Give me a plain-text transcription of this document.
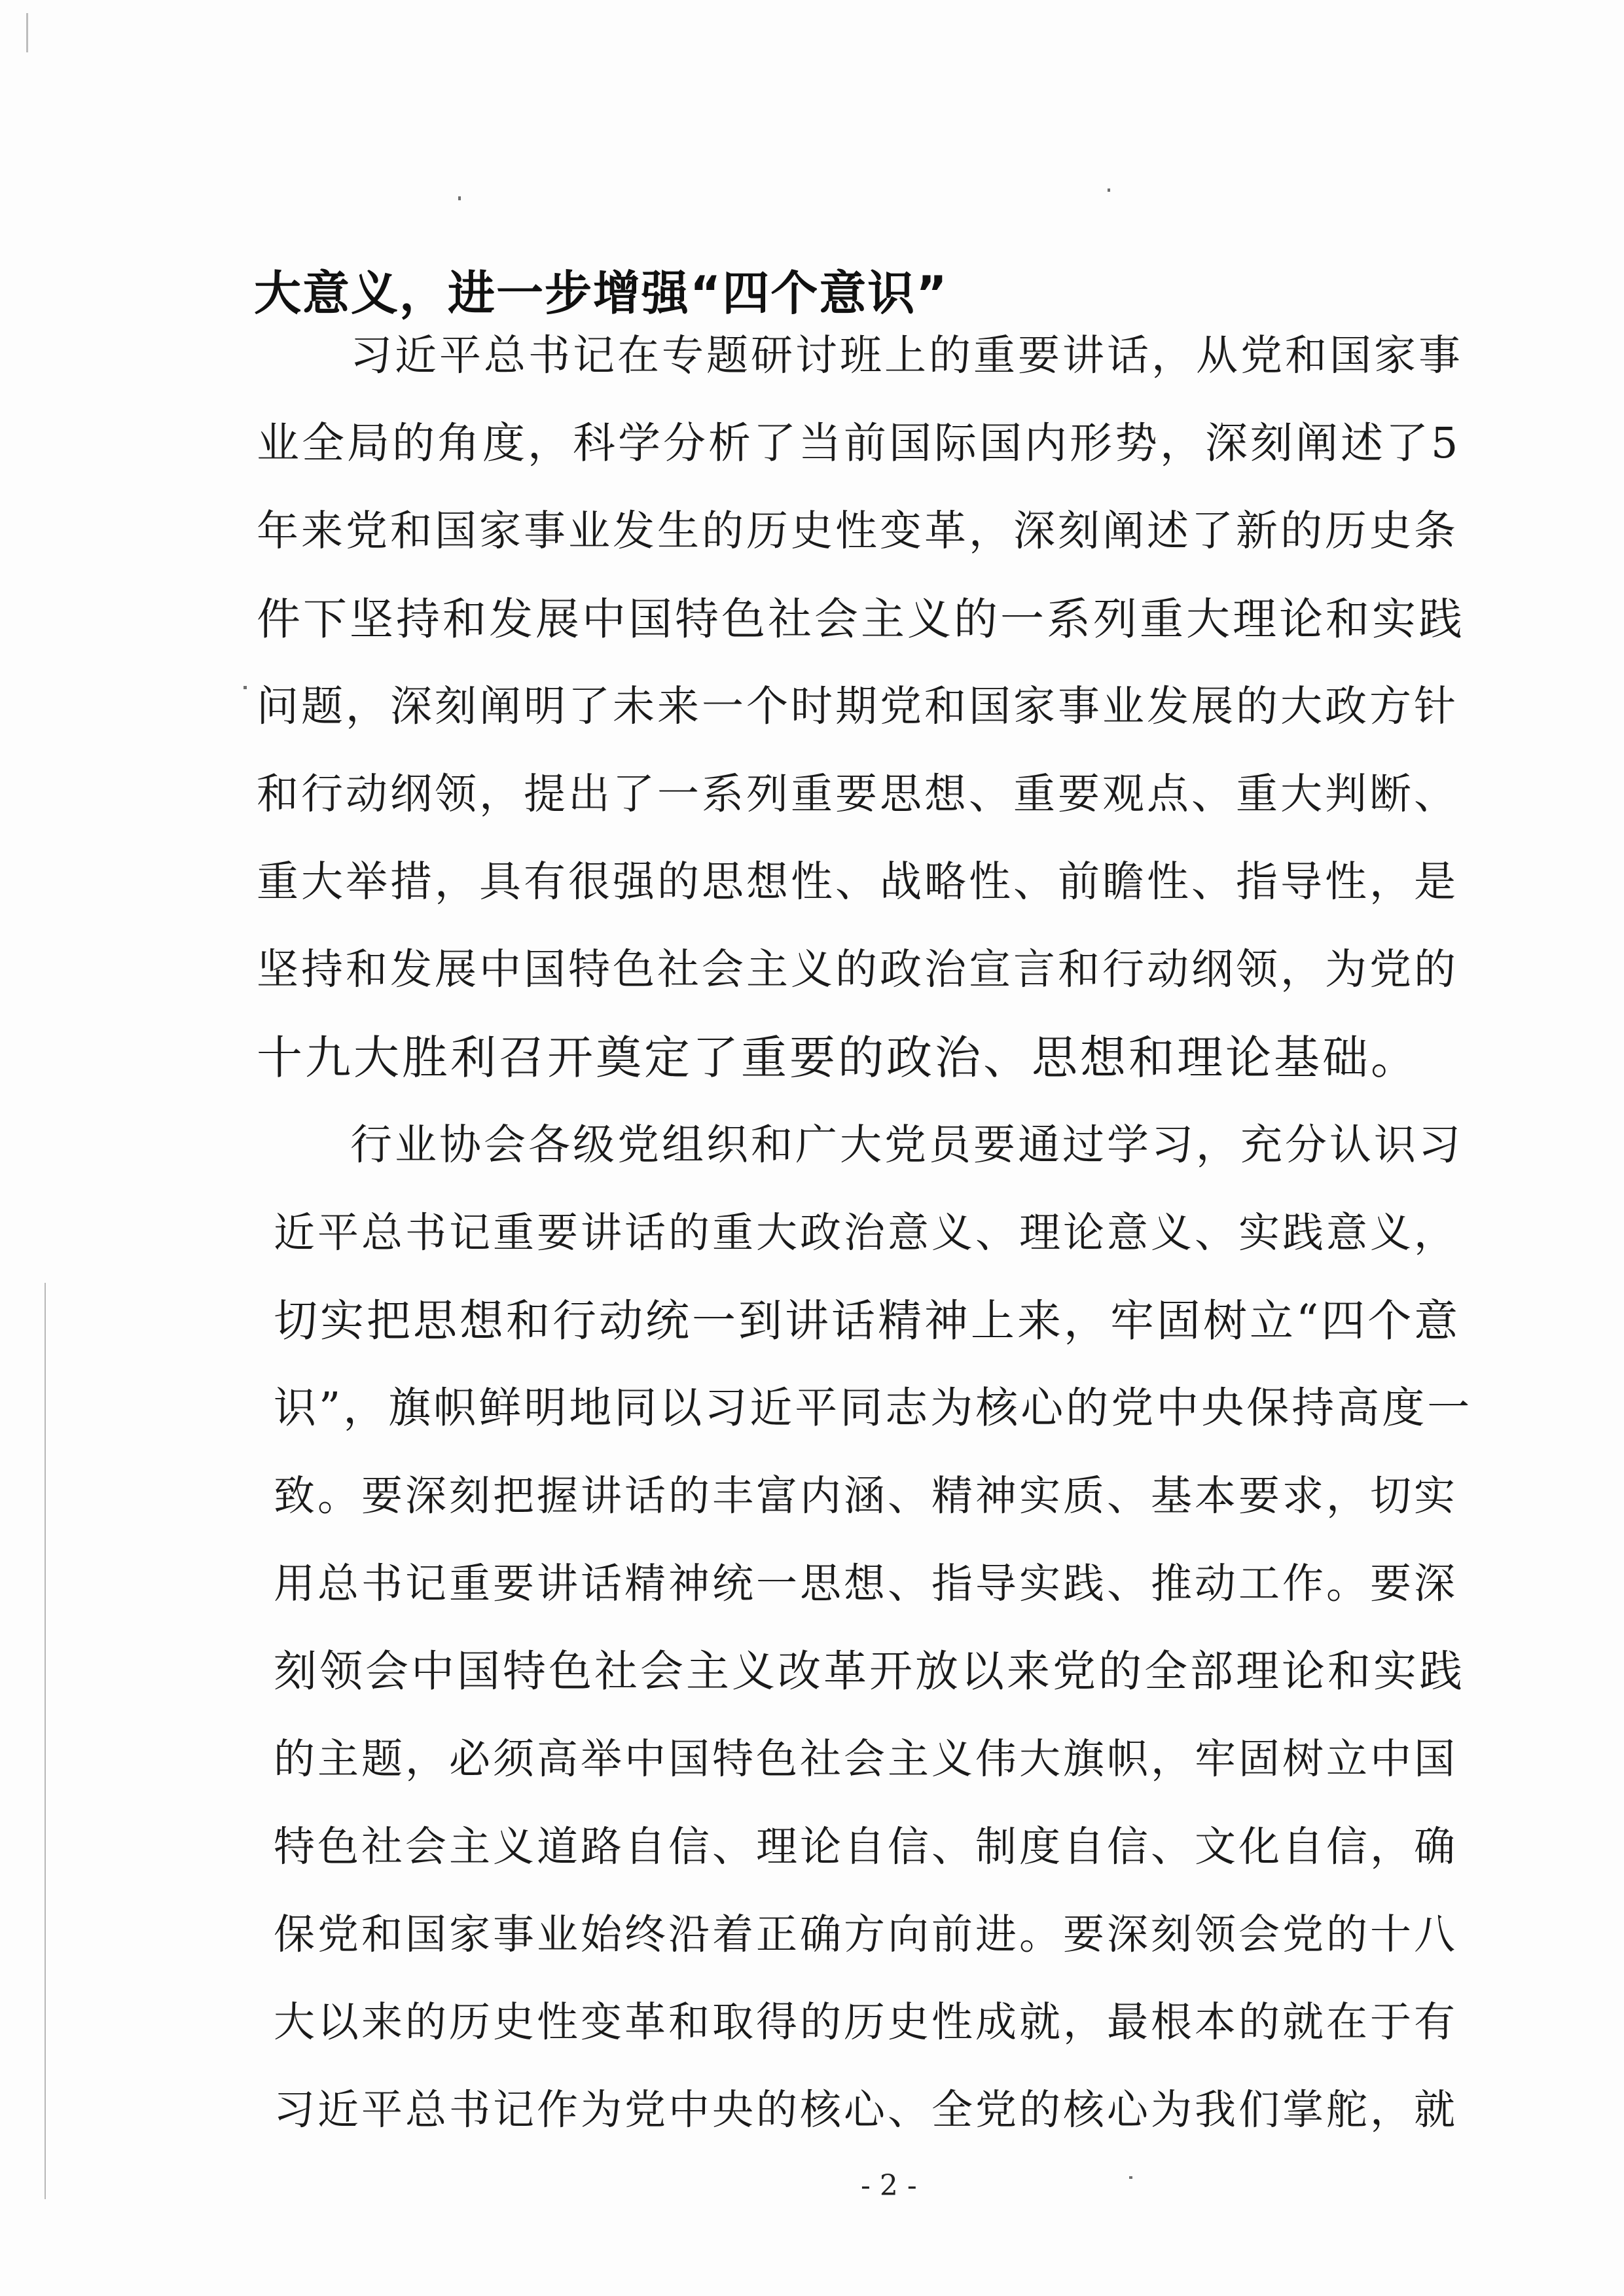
大意义，进一步增强“四个意识”
习近平总书记在专题研讨班上的重要讲话，从党和国家事
业全局的角度，科学分析了当前国际国内形势，深刻阐述了5
年来党和国家事业发生的历史性变革，深刻阐述了新的历史条
件下坚持和发展中国特色社会主义的一系列重大理论和实践
问题，深刻阐明了未来一个时期党和国家事业发展的大政方针
和行动纲领，提出了一系列重要思想、重要观点、重大判断、
重大举措，具有很强的思想性、战略性、前瞻性、指导性，是
坚持和发展中国特色社会主义的政治宣言和行动纲领，为党的
十九大胜利召开奠定了重要的政治、思想和理论基础。
行业协会各级党组织和广大党员要通过学习，充分认识习
近平总书记重要讲话的重大政治意义、理论意义、实践意义，
切实把思想和行动统一到讲话精神上来，牢固树立“四个意
识”，旗帜鲜明地同以习近平同志为核心的党中央保持高度一
致。要深刻把握讲话的丰富内涵、精神实质、基本要求，切实
用总书记重要讲话精神统一思想、指导实践、推动工作。要深
刻领会中国特色社会主义改革开放以来党的全部理论和实践
的主题，必须高举中国特色社会主义伟大旗帜，牢固树立中国
特色社会主义道路自信、理论自信、制度自信、文化自信，确
保党和国家事业始终沿着正确方向前进。要深刻领会党的十八
大以来的历史性变革和取得的历史性成就，最根本的就在于有
习近平总书记作为党中央的核心、全党的核心为我们掌舵，就
- 2 -
